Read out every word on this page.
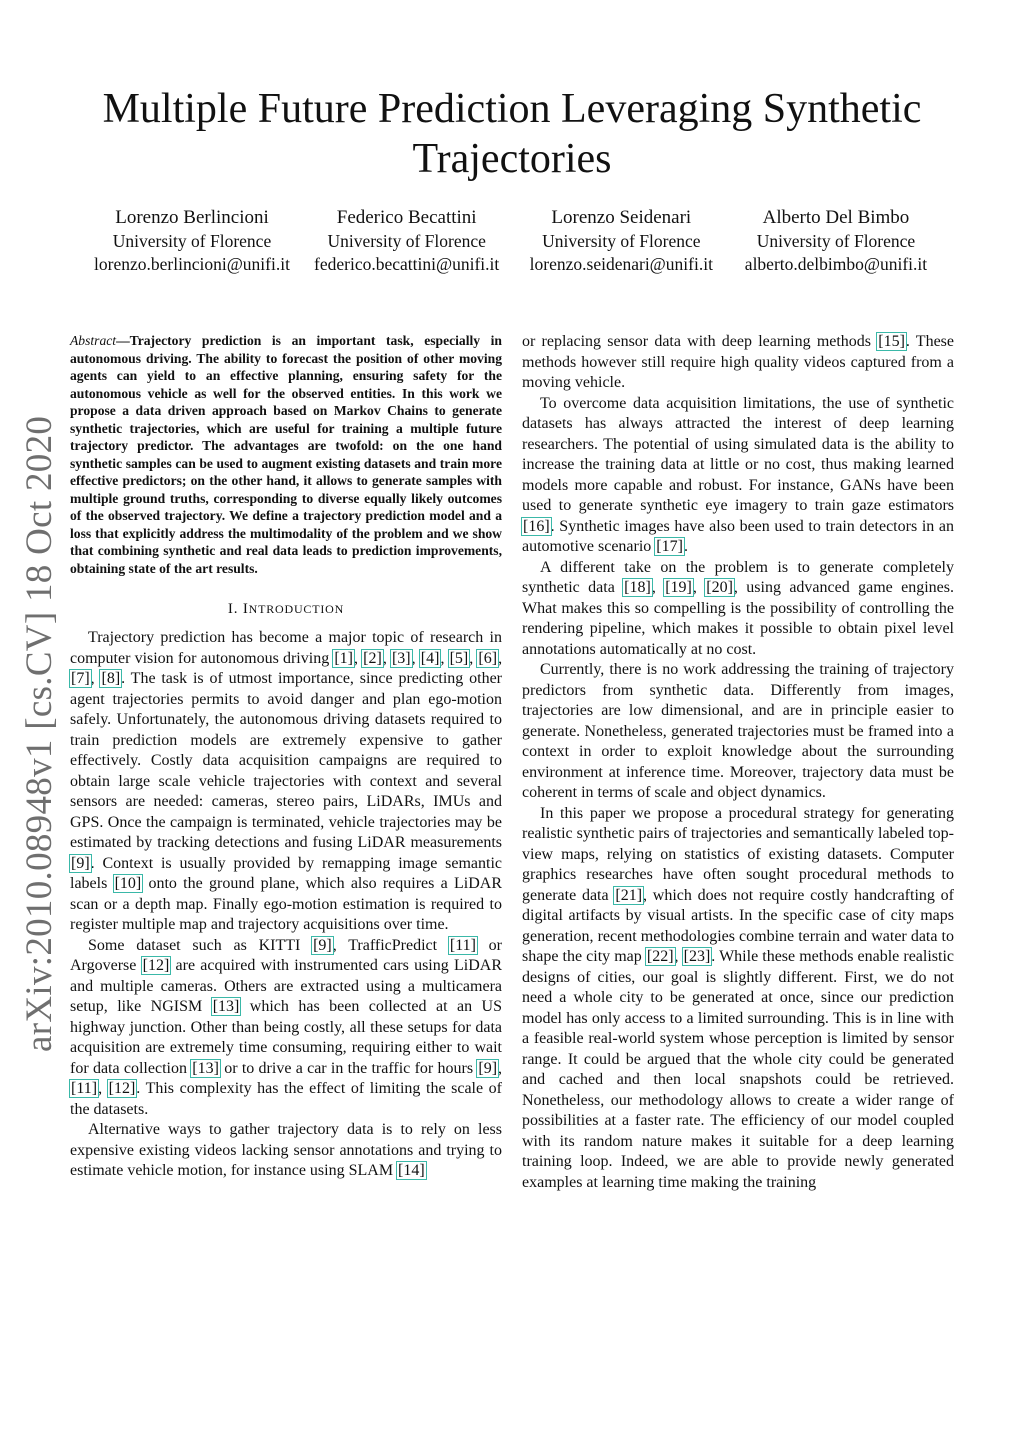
Multiple Future Prediction Leveraging Synthetic Trajectories
arXiv:2010.08948v1 [cs.CV] 18 Oct 2020
Lorenzo Berlincioni
University of Florence
lorenzo.berlincioni@unifi.it
Federico Becattini
University of Florence
federico.becattini@unifi.it
Lorenzo Seidenari
University of Florence
lorenzo.seidenari@unifi.it
Alberto Del Bimbo
University of Florence
alberto.delbimbo@unifi.it

Abstract—Trajectory prediction is an important task, especially in autonomous driving. The ability to forecast the position of other moving agents can yield to an effective planning, ensuring safety for the autonomous vehicle as well for the observed entities. In this work we propose a data driven approach based on Markov Chains to generate synthetic trajectories, which are useful for training a multiple future trajectory predictor. The advantages are twofold: on the one hand synthetic samples can be used to augment existing datasets and train more effective predictors; on the other hand, it allows to generate samples with multiple ground truths, corresponding to diverse equally likely outcomes of the observed trajectory. We define a trajectory prediction model and a loss that explicitly address the multimodality of the problem and we show that combining synthetic and real data leads to prediction improvements, obtaining state of the art results.

I. INTRODUCTION

Trajectory prediction has become a major topic of research in computer vision for autonomous driving [1], [2], [3], [4], [5], [6], [7], [8]. The task is of utmost importance, since predicting other agent trajectories permits to avoid danger and plan ego-motion safely. Unfortunately, the autonomous driving datasets required to train prediction models are extremely expensive to gather effectively. Costly data acquisition campaigns are required to obtain large scale vehicle trajectories with context and several sensors are needed: cameras, stereo pairs, LiDARs, IMUs and GPS. Once the campaign is terminated, vehicle trajectories may be estimated by tracking detections and fusing LiDAR measurements [9]. Context is usually provided by remapping image semantic labels [10] onto the ground plane, which also requires a LiDAR scan or a depth map. Finally ego-motion estimation is required to register multiple map and trajectory acquisitions over time.

Some dataset such as KITTI [9], TrafficPredict [11] or Argoverse [12] are acquired with instrumented cars using LiDAR and multiple cameras. Others are extracted using a multicamera setup, like NGISM [13] which has been collected at an US highway junction. Other than being costly, all these setups for data acquisition are extremely time consuming, requiring either to wait for data collection [13] or to drive a car in the traffic for hours [9], [11], [12]. This complexity has the effect of limiting the scale of the datasets.

Alternative ways to gather trajectory data is to rely on less expensive existing videos lacking sensor annotations and trying to estimate vehicle motion, for instance using SLAM [14]

or replacing sensor data with deep learning methods [15]. These methods however still require high quality videos captured from a moving vehicle.

To overcome data acquisition limitations, the use of synthetic datasets has always attracted the interest of deep learning researchers. The potential of using simulated data is the ability to increase the training data at little or no cost, thus making learned models more capable and robust. For instance, GANs have been used to generate synthetic eye imagery to train gaze estimators [16]. Synthetic images have also been used to train detectors in an automotive scenario [17].

A different take on the problem is to generate completely synthetic data [18], [19], [20], using advanced game engines. What makes this so compelling is the possibility of controlling the rendering pipeline, which makes it possible to obtain pixel level annotations automatically at no cost.

Currently, there is no work addressing the training of trajectory predictors from synthetic data. Differently from images, trajectories are low dimensional, and are in principle easier to generate. Nonetheless, generated trajectories must be framed into a context in order to exploit knowledge about the surrounding environment at inference time. Moreover, trajectory data must be coherent in terms of scale and object dynamics.

In this paper we propose a procedural strategy for generating realistic synthetic pairs of trajectories and semantically labeled top-view maps, relying on statistics of existing datasets. Computer graphics researches have often sought procedural methods to generate data [21], which does not require costly handcrafting of digital artifacts by visual artists. In the specific case of city maps generation, recent methodologies combine terrain and water data to shape the city map [22], [23]. While these methods enable realistic designs of cities, our goal is slightly different. First, we do not need a whole city to be generated at once, since our prediction model has only access to a limited surrounding. This is in line with a feasible real-world system whose perception is limited by sensor range. It could be argued that the whole city could be generated and cached and then local snapshots could be retrieved. Nonetheless, our methodology allows to create a wider range of possibilities at a faster rate. The efficiency of our model coupled with its random nature makes it suitable for a deep learning training loop. Indeed, we are able to provide newly generated examples at learning time making the training
